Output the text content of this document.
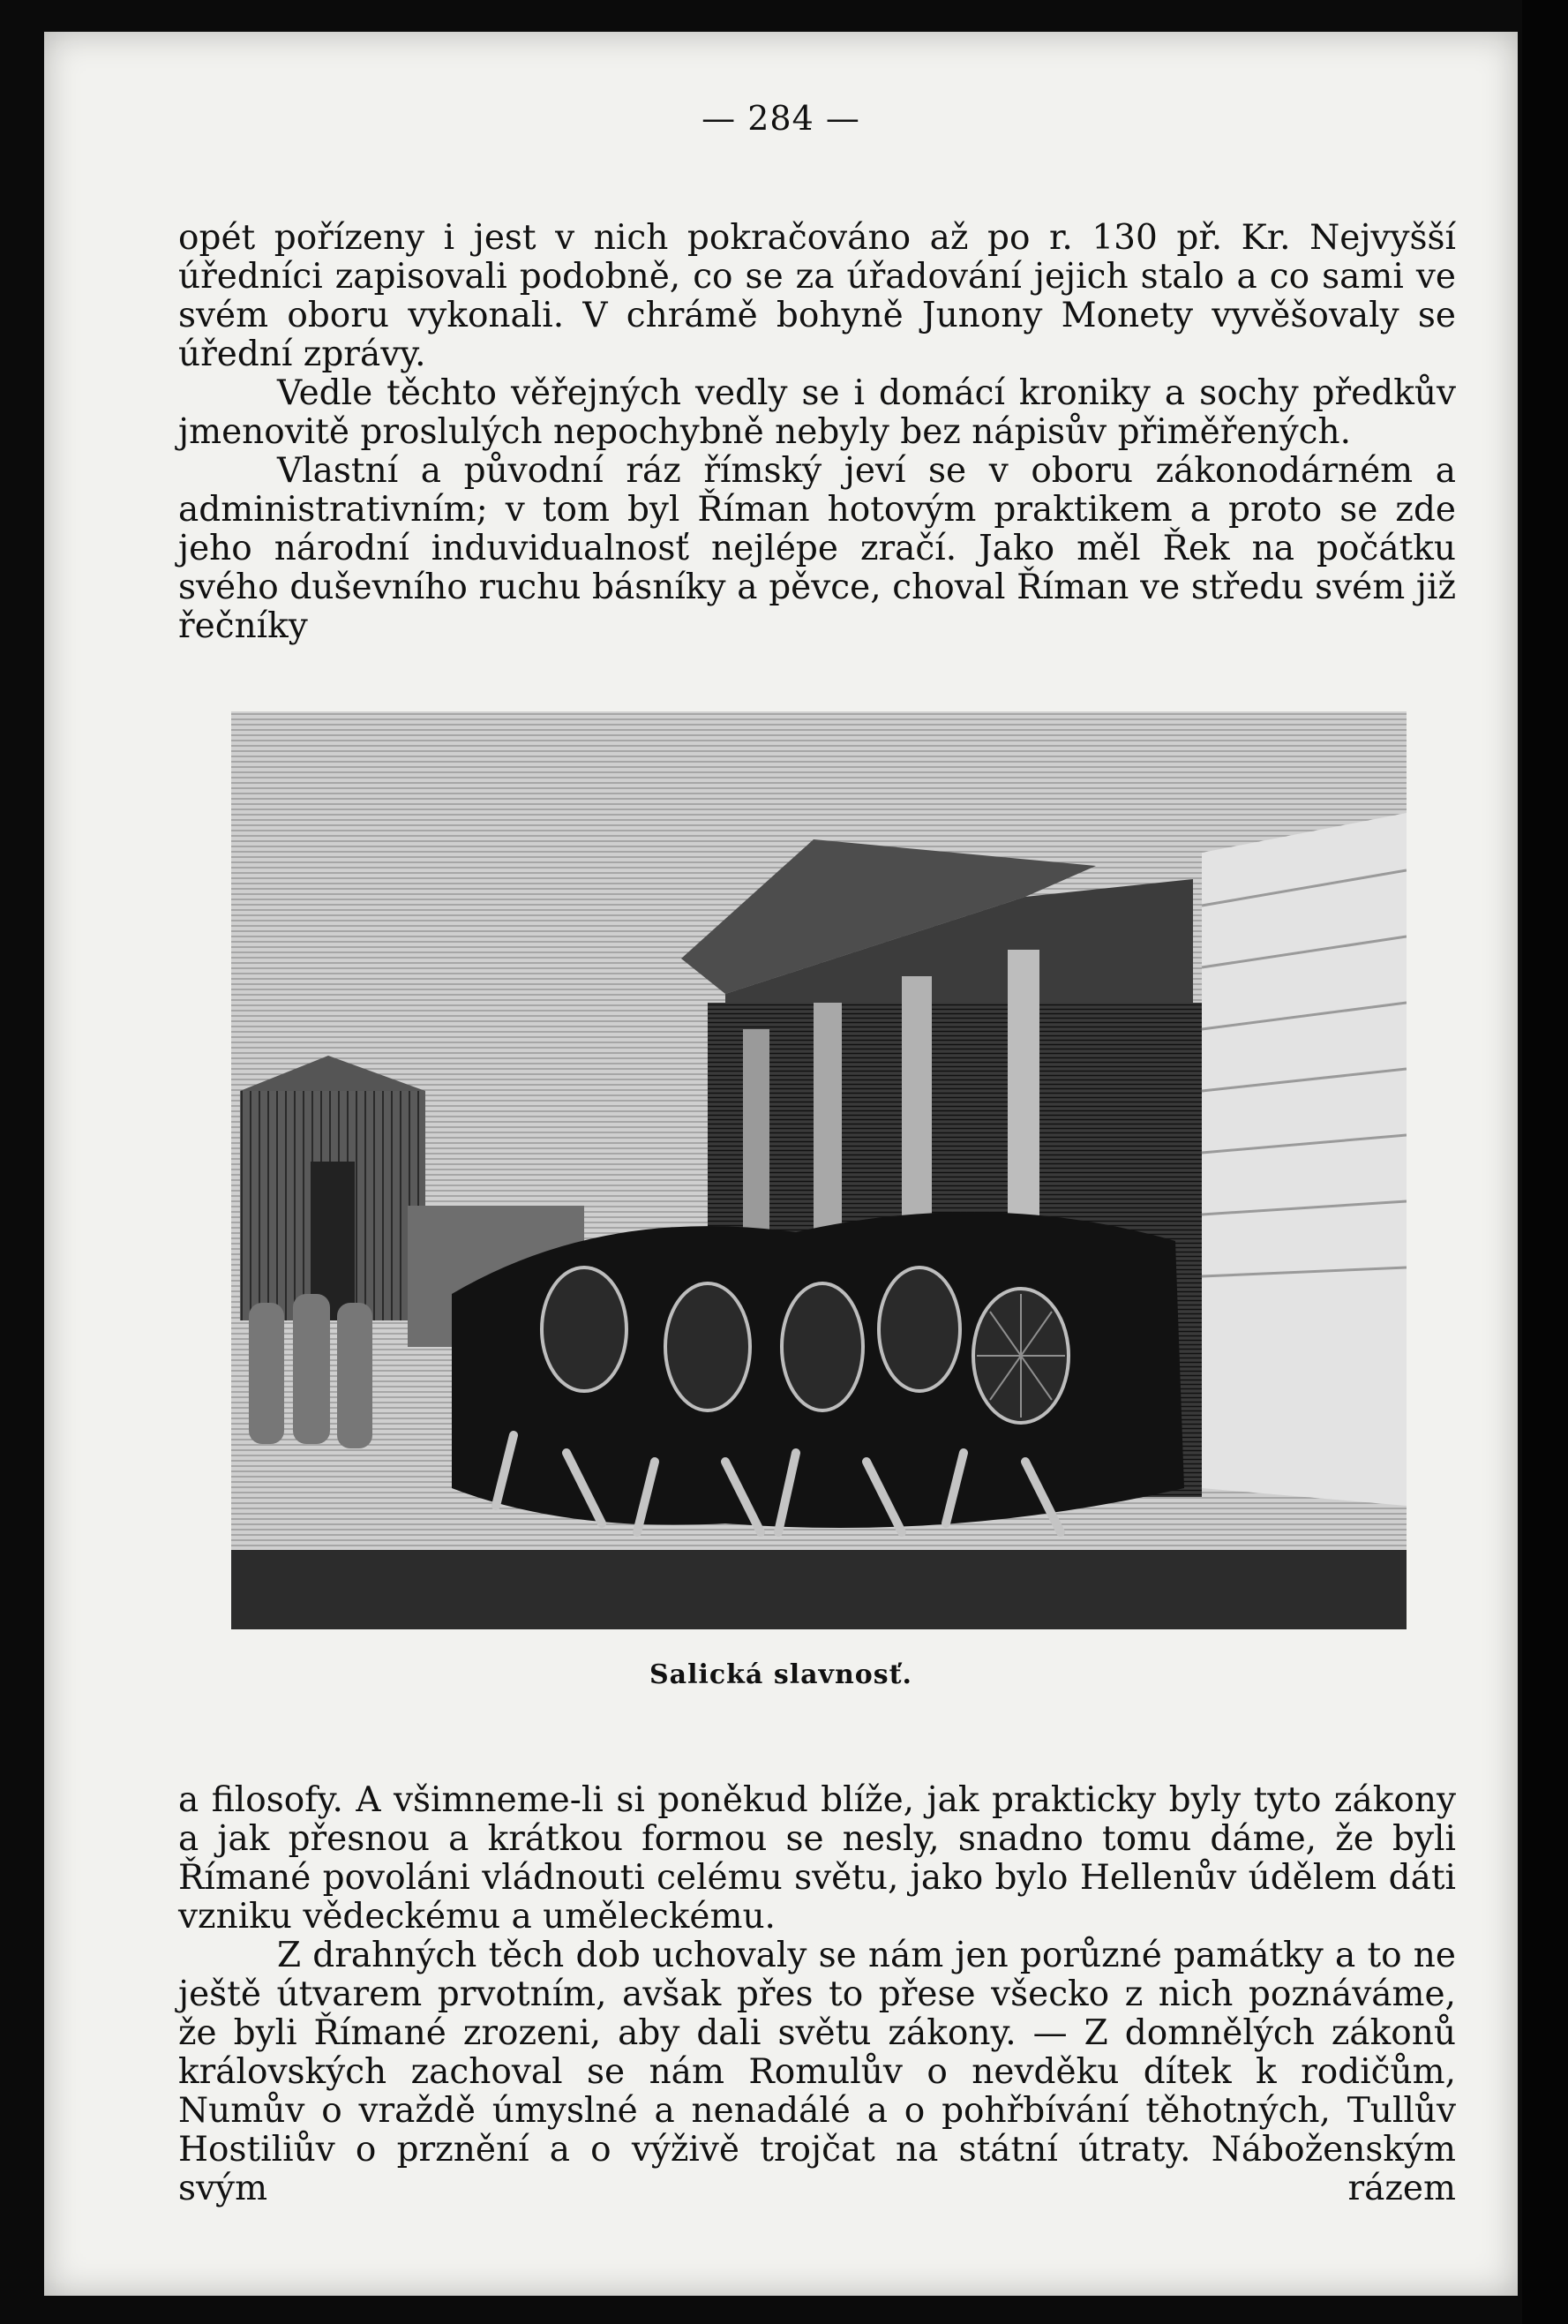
— 284 —

opét pořízeny i jest v nich pokračováno až po r. 130 př. Kr. Nejvyšší úředníci zapisovali podobně, co se za úřadování jejich stalo a co sami ve svém oboru vykonali. V chrámě bohyně Junony Monety vyvěšovaly se úřední zprávy.

Vedle těchto věřejných vedly se i domácí kroniky a sochy předkův jmenovitě proslulých nepochybně nebyly bez nápisův přiměřených.

Vlastní a původní ráz římský jeví se v oboru zákonodárném a administrativním; v tom byl Říman hotovým praktikem a proto se zde jeho národní induvidualnosť nejlépe zračí. Jako měl Řek na počátku svého duševního ruchu básníky a pěvce, choval Říman ve středu svém již řečníky

Salická slavnosť.

a filosofy. A všimneme-li si poněkud blíže, jak prakticky byly tyto zákony a jak přesnou a krátkou formou se nesly, snadno tomu dáme, že byli Římané povoláni vládnouti celému světu, jako bylo Hellenův údělem dáti vzniku vědeckému a uměleckému.

Z drahných těch dob uchovaly se nám jen porůzné památky a to ne ještě útvarem prvotním, avšak přes to přese všecko z nich poznáváme, že byli Římané zrozeni, aby dali světu zákony. — Z domnělých zákonů královských zachoval se nám Romulův o nevděku dítek k rodičům, Numův o vraždě úmyslné a nenadálé a o pohřbívání těhotných, Tullův Hostiliův o prznění a o výživě trojčat na státní útraty. Náboženským svým rázem
